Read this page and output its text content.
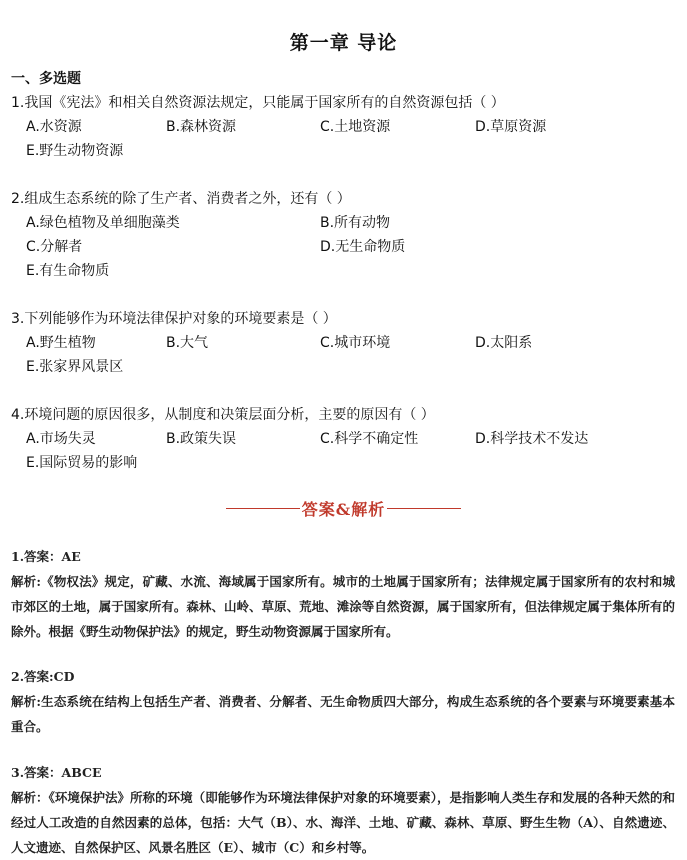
第一章 导论
一、多选题
1.我国《宪法》和相关自然资源法规定，只能属于国家所有的自然资源包括（ ）
A.水资源	B.森林资源	C.土地资源	D.草原资源
E.野生动物资源
2.组成生态系统的除了生产者、消费者之外，还有（ ）
A.绿色植物及单细胞藻类	B.所有动物
C.分解者	D.无生命物质
E.有生命物质
3.下列能够作为环境法律保护对象的环境要素是（ ）
A.野生植物	B.大气	C.城市环境	D.太阳系
E.张家界风景区
4.环境问题的原因很多，从制度和决策层面分析，主要的原因有（ ）
A.市场失灵	B.政策失误	C.科学不确定性	D.科学技术不发达
E.国际贸易的影响
答案&解析

1.答案：AE

解析:《物权法》规定，矿藏、水流、海域属于国家所有。城市的土地属于国家所有；法律规定属于国家所有的农村和城市郊区的土地，属于国家所有。森林、山岭、草原、荒地、滩涂等自然资源，属于国家所有，但法律规定属于集体所有的除外。根据《野生动物保护法》的规定，野生动物资源属于国家所有。

2.答案:CD

解析:生态系统在结构上包括生产者、消费者、分解者、无生命物质四大部分，构成生态系统的各个要素与环境要素基本重合。

3.答案：ABCE

解析：《环境保护法》所称的环境（即能够作为环境法律保护对象的环境要素），是指影响人类生存和发展的各种天然的和经过人工改造的自然因素的总体，包括：大气（B）、水、海洋、土地、矿藏、森林、草原、野生生物（A）、自然遗迹、人文遗迹、自然保护区、风景名胜区（E）、城市（C）和乡村等。
